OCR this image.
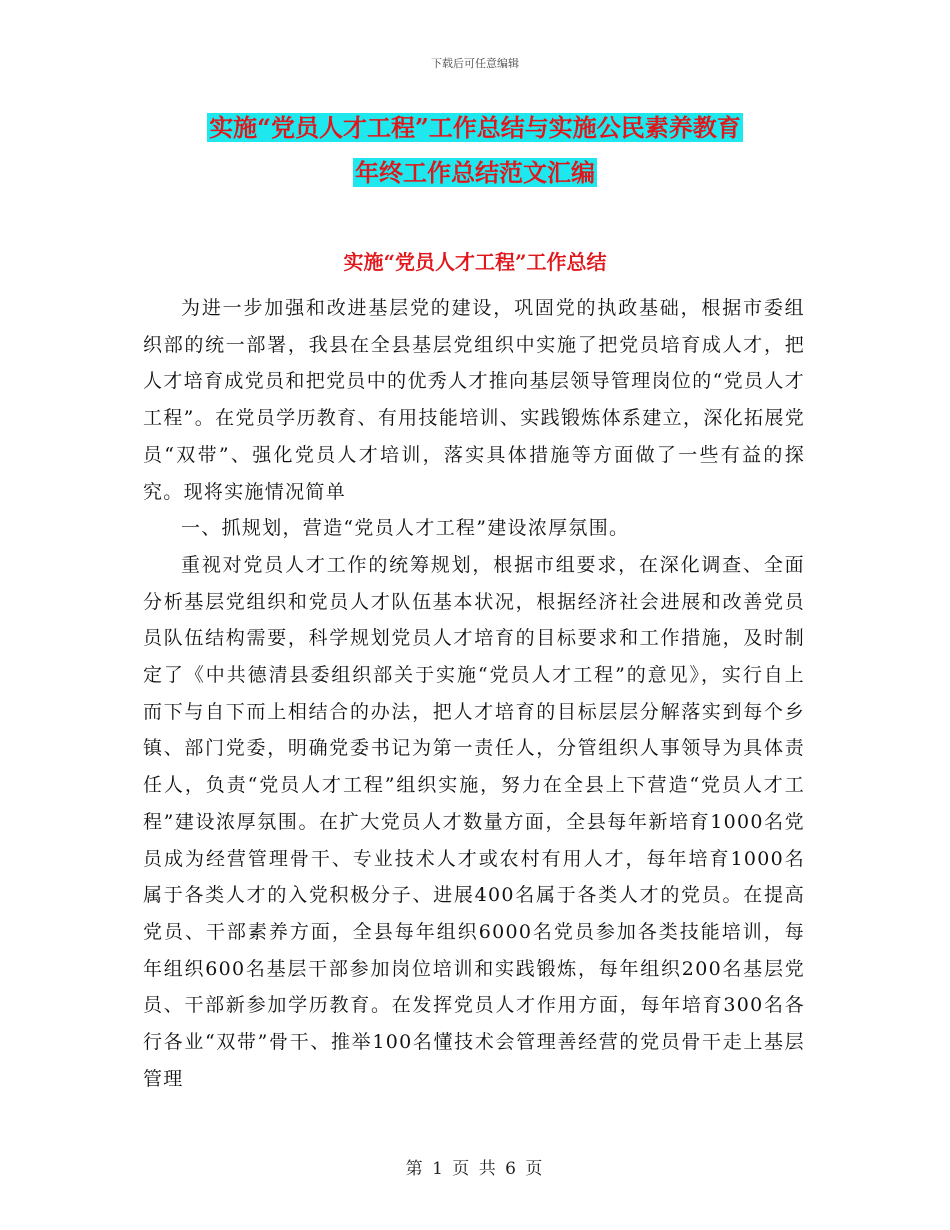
下载后可任意编辑
实施“党员人才工程”工作总结与实施公民素养教育
年终工作总结范文汇编
实施“党员人才工程”工作总结

为进一步加强和改进基层党的建设，巩固党的执政基础，根据市委组织部的统一部署，我县在全县基层党组织中实施了把党员培育成人才，把人才培育成党员和把党员中的优秀人才推向基层领导管理岗位的“党员人才工程”。在党员学历教育、有用技能培训、实践锻炼体系建立，深化拓展党员“双带”、强化党员人才培训，落实具体措施等方面做了一些有益的探究。现将实施情况简单

一、抓规划，营造“党员人才工程”建设浓厚氛围。

重视对党员人才工作的统筹规划，根据市组要求，在深化调查、全面分析基层党组织和党员人才队伍基本状况，根据经济社会进展和改善党员员队伍结构需要，科学规划党员人才培育的目标要求和工作措施，及时制定了《中共德清县委组织部关于实施“党员人才工程”的意见》，实行自上而下与自下而上相结合的办法，把人才培育的目标层层分解落实到每个乡镇、部门党委，明确党委书记为第一责任人，分管组织人事领导为具体责任人，负责“党员人才工程”组织实施，努力在全县上下营造“党员人才工程”建设浓厚氛围。在扩大党员人才数量方面，全县每年新培育1000名党员成为经营管理骨干、专业技术人才或农村有用人才，每年培育1000名属于各类人才的入党积极分子、进展400名属于各类人才的党员。在提高党员、干部素养方面，全县每年组织6000名党员参加各类技能培训，每年组织600名基层干部参加岗位培训和实践锻炼，每年组织200名基层党员、干部新参加学历教育。在发挥党员人才作用方面，每年培育300名各行各业“双带”骨干、推举100名懂技术会管理善经营的党员骨干走上基层管理

第 1 页 共 6 页
